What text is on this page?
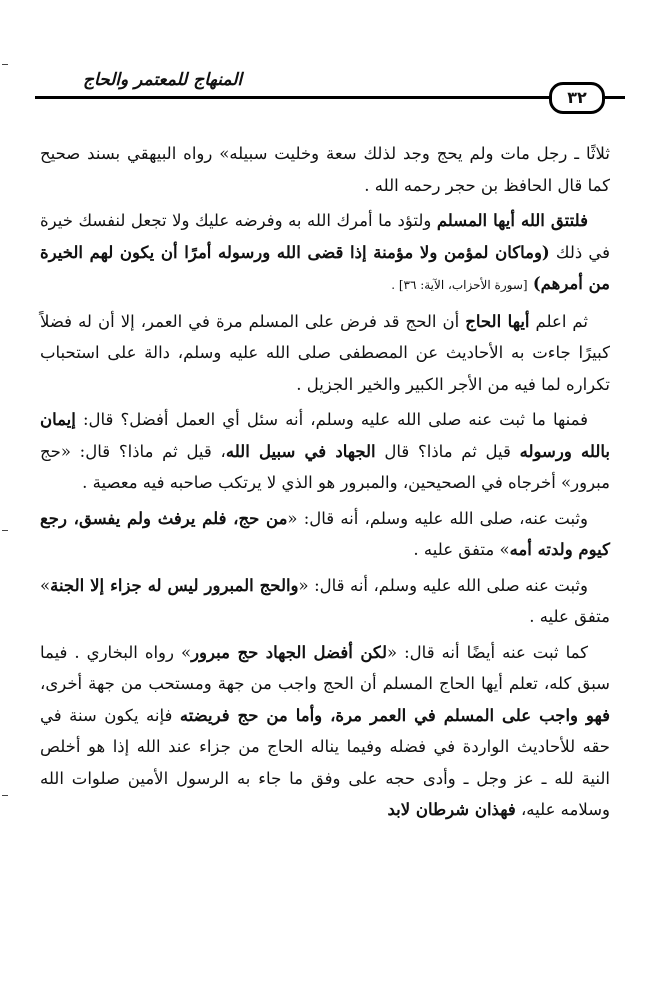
المنهاج للمعتمر والحاج
٣٢

ثلاثًا ـ رجل مات ولم يحج وجد لذلك سعة وخليت سبيله» رواه البيهقي بسند صحيح كما قال الحافظ بن حجر رحمه الله .

فلتتق الله أيها المسلم ولتؤد ما أمرك الله به وفرضه عليك ولا تجعل لنفسك خيرة في ذلك (وماكان لمؤمن ولا مؤمنة إذا قضى الله ورسوله أمرًا أن يكون لهم الخيرة من أمرهم) [سورة الأحزاب، الآية: ٣٦] .

ثم اعلم أيها الحاج أن الحج قد فرض على المسلم مرة في العمر، إلا أن له فضلاً كبيرًا جاءت به الأحاديث عن المصطفى صلى الله عليه وسلم، دالة على استحباب تكراره لما فيه من الأجر الكبير والخير الجزيل .

فمنها ما ثبت عنه صلى الله عليه وسلم، أنه سئل أي العمل أفضل؟ قال: إيمان بالله ورسوله قيل ثم ماذا؟ قال الجهاد في سبيل الله، قيل ثم ماذا؟ قال: «حج مبرور» أخرجاه في الصحيحين، والمبرور هو الذي لا يرتكب صاحبه فيه معصية .

وثبت عنه، صلى الله عليه وسلم، أنه قال: «من حج، فلم يرفث ولم يفسق، رجع كيوم ولدته أمه» متفق عليه .

وثبت عنه صلى الله عليه وسلم، أنه قال: «والحج المبرور ليس له جزاء إلا الجنة» متفق عليه .

كما ثبت عنه أيضًا أنه قال: «لكن أفضل الجهاد حج مبرور» رواه البخاري . فيما سبق كله، تعلم أيها الحاج المسلم أن الحج واجب من جهة ومستحب من جهة أخرى، فهو واجب على المسلم في العمر مرة، وأما من حج فريضته فإنه يكون سنة في حقه للأحاديث الواردة في فضله وفيما يناله الحاج من جزاء عند الله إذا هو أخلص النية لله ـ عز وجل ـ وأدى حجه على وفق ما جاء به الرسول الأمين صلوات الله وسلامه عليه، فهذان شرطان لابد
